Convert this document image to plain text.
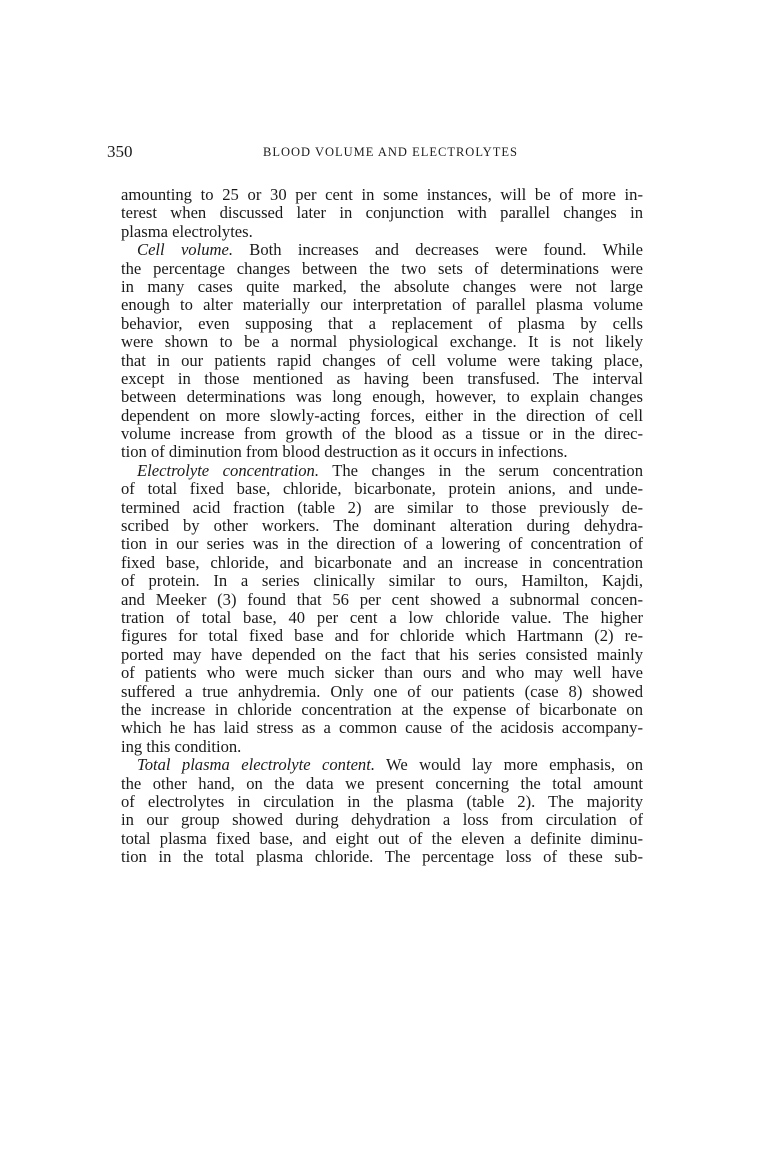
350	BLOOD VOLUME AND ELECTROLYTES
amounting to 25 or 30 per cent in some instances, will be of more in-
terest when discussed later in conjunction with parallel changes in
plasma electrolytes.
Cell volume. Both increases and decreases were found. While
the percentage changes between the two sets of determinations were
in many cases quite marked, the absolute changes were not large
enough to alter materially our interpretation of parallel plasma volume
behavior, even supposing that a replacement of plasma by cells
were shown to be a normal physiological exchange. It is not likely
that in our patients rapid changes of cell volume were taking place,
except in those mentioned as having been transfused. The interval
between determinations was long enough, however, to explain changes
dependent on more slowly-acting forces, either in the direction of cell
volume increase from growth of the blood as a tissue or in the direc-
tion of diminution from blood destruction as it occurs in infections.
Electrolyte concentration. The changes in the serum concentration
of total fixed base, chloride, bicarbonate, protein anions, and unde-
termined acid fraction (table 2) are similar to those previously de-
scribed by other workers. The dominant alteration during dehydra-
tion in our series was in the direction of a lowering of concentration of
fixed base, chloride, and bicarbonate and an increase in concentration
of protein. In a series clinically similar to ours, Hamilton, Kajdi,
and Meeker (3) found that 56 per cent showed a subnormal concen-
tration of total base, 40 per cent a low chloride value. The higher
figures for total fixed base and for chloride which Hartmann (2) re-
ported may have depended on the fact that his series consisted mainly
of patients who were much sicker than ours and who may well have
suffered a true anhydremia. Only one of our patients (case 8) showed
the increase in chloride concentration at the expense of bicarbonate on
which he has laid stress as a common cause of the acidosis accompany-
ing this condition.
Total plasma electrolyte content. We would lay more emphasis, on
the other hand, on the data we present concerning the total amount
of electrolytes in circulation in the plasma (table 2). The majority
in our group showed during dehydration a loss from circulation of
total plasma fixed base, and eight out of the eleven a definite diminu-
tion in the total plasma chloride. The percentage loss of these sub-
